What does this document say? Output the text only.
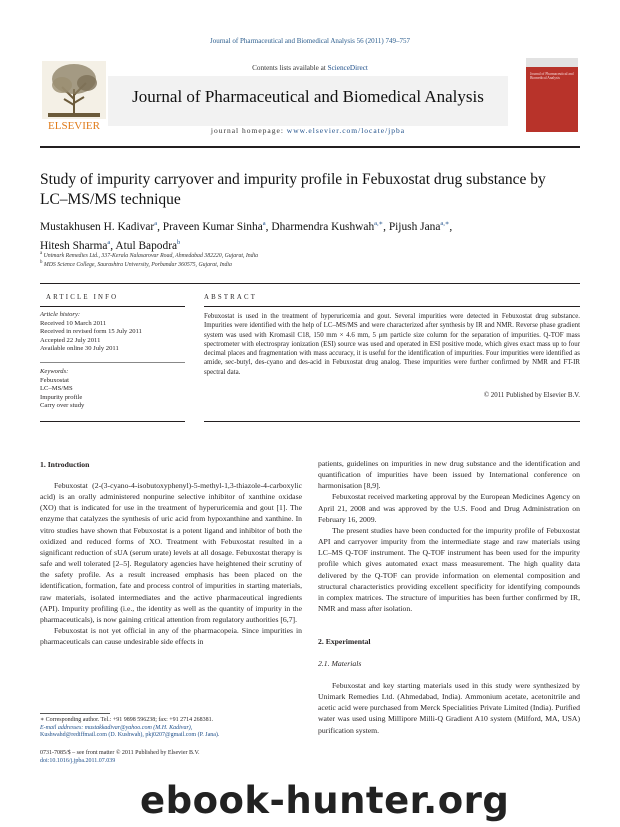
Journal of Pharmaceutical and Biomedical Analysis 56 (2011) 749–757
Contents lists available at ScienceDirect
Journal of Pharmaceutical and Biomedical Analysis
journal homepage: www.elsevier.com/locate/jpba
ELSEVIER
Journal of Pharmaceutical and Biomedical Analysis
Study of impurity carryover and impurity profile in Febuxostat drug substance by
LC–MS/MS technique
Mustakhusen H. Kadivar$^a$, Praveen Kumar Sinha$^a$, Dharmendra Kushwah$^{a,∗}$, Pijush Jana$^{a,∗}$,
Hitesh Sharma$^a$, Atul Bapodra$^b$
$^a$ Unimark Remedies Ltd., 337-Kerala Nalasarovar Road, Ahmedabad 382220, Gujarat, India
$^b$ MDS Science College, Saurashtra University, Porbandar 360575, Gujarat, India
ARTICLE INFO	ABSTRACT
Article history:
Received 10 March 2011
Received in revised form 15 July 2011
Accepted 22 July 2011
Available online 30 July 2011
Keywords:
Febuxostat
LC–MS/MS
Impurity profile
Carry over study
Febuxostat is used in the treatment of hyperuricemia and gout. Several impurities were detected in Febuxostat drug substance. Impurities were identified with the help of LC–MS/MS and were characterized after synthesis by IR and NMR. Reverse phase gradient system was used with Kromasil C18, 150 mm × 4.6 mm, 5 μm particle size column for the separation of impurities. Q-TOF mass spectrometer with electrospray ionization (ESI) source was used and operated in ESI positive mode, which gives exact mass up to four decimal places and fragmentation with mass accuracy, it is useful for the identification of impurities. Four impurities were identified as amide, sec-butyl, des-cyano and des-acid in Febuxostat drug analog. These impurities were further confirmed by NMR and FT-IR spectral data.
© 2011 Published by Elsevier B.V.
1. Introduction

Febuxostat (2-(3-cyano-4-isobutoxyphenyl)-5-methyl-1,3-thiazole-4-carboxylic acid) is an orally administered nonpurine selective inhibitor of xanthine oxidase (XO) that is indicated for use in the treatment of hyperuricemia and gout [1]. The enzyme that catalyzes the synthesis of uric acid from hypoxanthine and xanthine. In vitro studies have shown that Febuxostat is a potent ligand and inhibitor of both the oxidized and reduced forms of XO. Treatment with Febuxostat resulted in a significant reduction of sUA (serum urate) levels at all dosage. Febuxostat therapy is safe and well tolerated [2–5]. Regulatory agencies have heightened their scrutiny of the safety profile. As a result increased emphasis has been placed on the identification, formation, fate and process control of impurities in starting materials, raw materials, isolated intermediates and the active pharmaceutical ingredients (API). Impurity profiling (i.e., the identity as well as the quantity of impurity in the pharmaceuticals), is now gaining critical attention from regulatory authorities [6,7].

Febuxostat is not yet official in any of the pharmacopeia. Since impurities in pharmaceuticals can cause undesirable side effects in

∗ Corresponding author. Tel.: +91 9898 596238; fax: +91 2714 268381.
E-mail addresses: mustakkadivar@yahoo.com (M.H. Kadivar),
Kushwahd@rediffmail.com (D. Kushwah), pkj0207@gmail.com (P. Jana).
0731-7085/$ – see front matter © 2011 Published by Elsevier B.V.
doi:10.1016/j.jpba.2011.07.039

patients, guidelines on impurities in new drug substance and the identification and quantification of impurities have been issued by International conference on harmonisation [8,9].

Febuxostat received marketing approval by the European Medicines Agency on April 21, 2008 and was approved by the U.S. Food and Drug Administration on February 16, 2009.

The present studies have been conducted for the impurity profile of Febuxostat API and carryover impurity from the intermediate stage and raw materials using LC–MS Q-TOF instrument. The Q-TOF instrument has been used for the impurity profile which gives automated exact mass measurement. The high quality data delivered by the Q-TOF can provide information on elemental composition and structural characteristics providing excellent specificity for identifying compounds in complex matrices. The structure of impurities has been further confirmed by IR, NMR and mass after isolation.

2. Experimental
2.1. Materials

Febuxostat and key starting materials used in this study were synthesized by Unimark Remedies Ltd. (Ahmedabad, India). Ammonium acetate, acetonitrile and acetic acid were purchased from Merck Specialities Private Limited (India). Purified water was used using Millipore Milli-Q Gradient A10 system (Milford, MA, USA) purification system.

ebook-hunter.org
